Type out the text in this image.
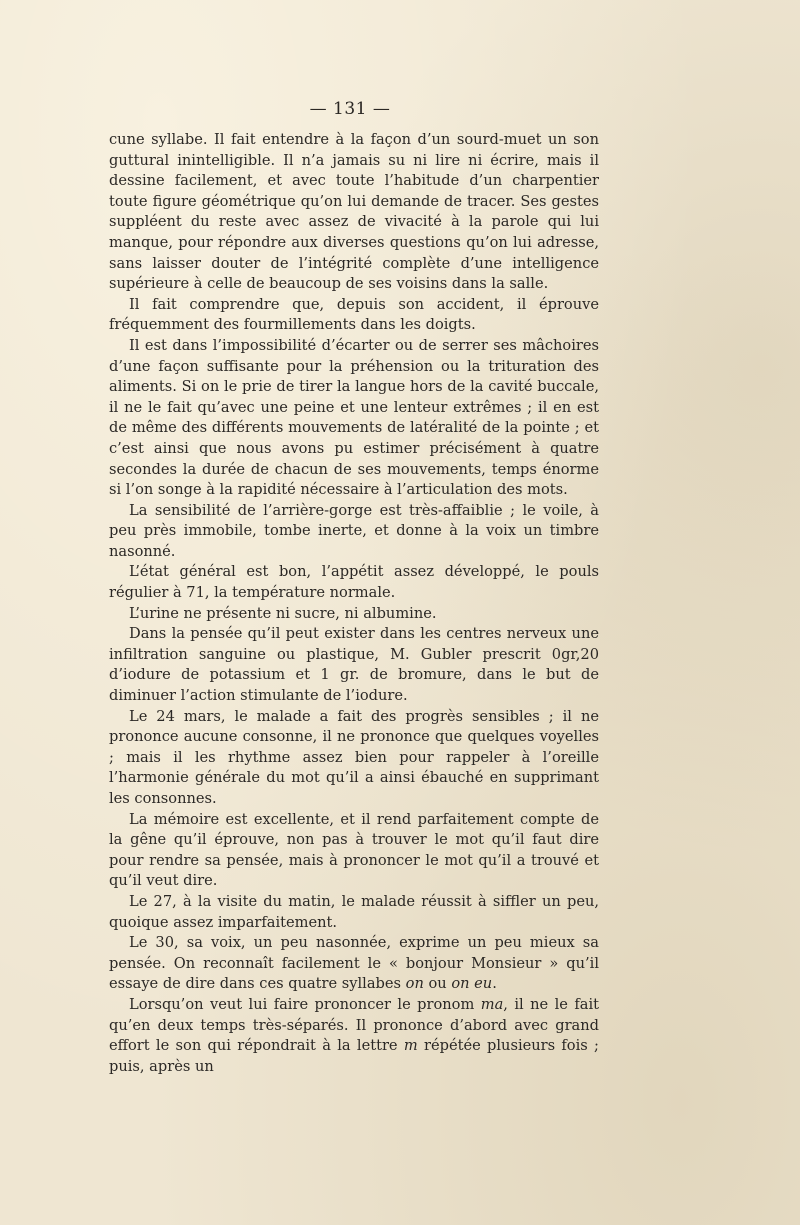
— 131 —

cune syllabe. Il fait entendre à la façon d’un sourd-muet un son guttural inintelligible. Il n’a jamais su ni lire ni écrire, mais il dessine facilement, et avec toute l’habitude d’un charpentier toute figure géométrique qu’on lui demande de tracer. Ses gestes suppléent du reste avec assez de vivacité à la parole qui lui manque, pour répondre aux diverses questions qu’on lui adresse, sans laisser douter de l’intégrité complète d’une intelligence supérieure à celle de beaucoup de ses voisins dans la salle.

Il fait comprendre que, depuis son accident, il éprouve fréquemment des fourmillements dans les doigts.

Il est dans l’impossibilité d’écarter ou de serrer ses mâchoires d’une façon suffisante pour la préhension ou la trituration des aliments. Si on le prie de tirer la langue hors de la cavité buccale, il ne le fait qu’avec une peine et une lenteur extrêmes ; il en est de même des différents mouvements de latéralité de la pointe ; et c’est ainsi que nous avons pu estimer précisément à quatre secondes la durée de chacun de ses mouvements, temps énorme si l’on songe à la rapidité nécessaire à l’articulation des mots.

La sensibilité de l’arrière-gorge est très-affaiblie ; le voile, à peu près immobile, tombe inerte, et donne à la voix un timbre nasonné.

L’état général est bon, l’appétit assez développé, le pouls régulier à 71, la température normale.

L’urine ne présente ni sucre, ni albumine.

Dans la pensée qu’il peut exister dans les centres nerveux une infiltration sanguine ou plastique, M. Gubler prescrit 0gr,20 d’iodure de potassium et 1 gr. de bromure, dans le but de diminuer l’action stimulante de l’iodure.

Le 24 mars, le malade a fait des progrès sensibles ; il ne prononce aucune consonne, il ne prononce que quelques voyelles ; mais il les rhythme assez bien pour rappeler à l’oreille l’harmonie générale du mot qu’il a ainsi ébauché en supprimant les consonnes.

La mémoire est excellente, et il rend parfaitement compte de la gêne qu’il éprouve, non pas à trouver le mot qu’il faut dire pour rendre sa pensée, mais à prononcer le mot qu’il a trouvé et qu’il veut dire.

Le 27, à la visite du matin, le malade réussit à siffler un peu, quoique assez imparfaitement.

Le 30, sa voix, un peu nasonnée, exprime un peu mieux sa pensée. On reconnaît facilement le « bonjour Monsieur » qu’il essaye de dire dans ces quatre syllabes on ou on eu.

Lorsqu’on veut lui faire prononcer le pronom ma, il ne le fait qu’en deux temps très-séparés. Il prononce d’abord avec grand effort le son qui répondrait à la lettre m répétée plusieurs fois ; puis, après un
